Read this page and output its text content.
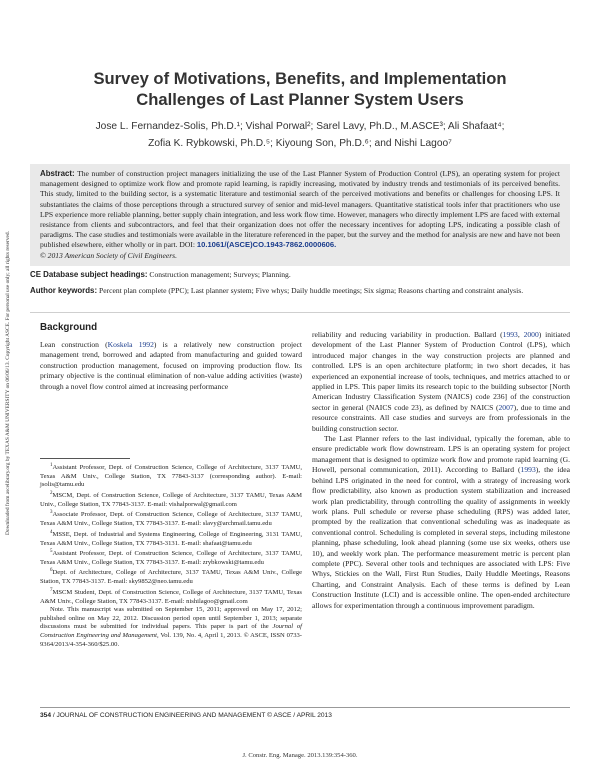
Downloaded from ascelibrary.org by TEXAS A&M UNIVERSITY on 06/06/13. Copyright ASCE. For personal use only; all rights reserved.
Survey of Motivations, Benefits, and Implementation
Challenges of Last Planner System Users
Jose L. Fernandez-Solis, Ph.D.¹; Vishal Porwal²; Sarel Lavy, Ph.D., M.ASCE³; Ali Shafaat⁴;
Zofia K. Rybkowski, Ph.D.⁵; Kiyoung Son, Ph.D.⁶; and Nishi Lagoo⁷
Abstract: The number of construction project managers initializing the use of the Last Planner System of Production Control (LPS), an operating system for project management designed to optimize work flow and promote rapid learning, is rapidly increasing, motivated by industry trends and testimonials of its perceived benefits. This study, limited to the building sector, is a systematic literature and testimonial search of the perceived motivations and benefits or challenges for choosing LPS. It substantiates the claims of those perceptions through a structured survey of senior and mid-level managers. Quantitative statistical tools infer that practitioners who use LPS experience more reliable planning, better supply chain integration, and less work flow time. However, managers who directly implement LPS are faced with external resistance from clients and subcontractors, and feel that their organization does not offer the necessary incentives for adopting LPS, indicating a possible clash of paradigms. The case studies and testimonials were available in the literature referenced in the paper, but the survey and the method for analysis are new and have not been published elsewhere, either wholly or in part. DOI: 10.1061/(ASCE)CO.1943-7862.0000606.
© 2013 American Society of Civil Engineers.
CE Database subject headings: Construction management; Surveys; Planning.
Author keywords: Percent plan complete (PPC); Last planner system; Five whys; Daily huddle meetings; Six sigma; Reasons charting and constraint analysis.
Background

Lean construction (Koskela 1992) is a relatively new construction project management trend, borrowed and adapted from manufacturing and guided toward construction production management, focused on improving production flow. Its primary objective is the continual elimination of non-value adding activities (waste) through a novel flow control aimed at increasing performance

$^1$Assistant Professor, Dept. of Construction Science, College of Architecture, 3137 TAMU, Texas A&M Univ., College Station, TX 77843-3137 (corresponding author). E-mail: jsolis@tamu.edu

$^2$MSCM, Dept. of Construction Science, College of Architecture, 3137 TAMU, Texas A&M Univ., College Station, TX 77843-3137. E-mail: vishalporwal@gmail.com

$^3$Associate Professor, Dept. of Construction Science, College of Architecture, 3137 TAMU, Texas A&M Univ., College Station, TX 77843-3137. E-mail: slavy@archmail.tamu.edu

$^4$MSSE, Dept. of Industrial and Systems Engineering, College of Engineering, 3131 TAMU, Texas A&M Univ., College Station, TX 77843-3131. E-mail: shafaat@tamu.edu

$^5$Assistant Professor, Dept. of Construction Science, College of Architecture, 3137 TAMU, Texas A&M Univ., College Station, TX 77843-3137. E-mail: zrybkowski@tamu.edu

$^6$Dept. of Architecture, College of Architecture, 3137 TAMU, Texas A&M Univ., College Station, TX 77843-3137. E-mail: sky9852@neo.tamu.edu

$^7$MSCM Student, Dept. of Construction Science, College of Architecture, 3137 TAMU, Texas A&M Univ., College Station, TX 77843-3137. E-mail: nishilagoo@gmail.com

Note. This manuscript was submitted on September 15, 2011; approved on May 17, 2012; published online on May 22, 2012. Discussion period open until September 1, 2013; separate discussions must be submitted for individual papers. This paper is part of the Journal of Construction Engineering and Management, Vol. 139, No. 4, April 1, 2013. © ASCE, ISSN 0733-9364/2013/4-354-360/$25.00.

reliability and reducing variability in production. Ballard (1993, 2000) initiated development of the Last Planner System of Production Control (LPS), which introduced major changes in the way construction projects are planned and controlled. LPS is an open architecture platform; in two short decades, it has experienced an exponential increase of tools, techniques, and metrics attached to or applied in LPS. This paper limits its research topic to the building subsector [North American Industry Classification System (NAICS) code 236] of the construction sector in general (NAICS code 23), as defined by NAICS (2007), due to time and resource constraints. All case studies and surveys are from professionals in the building construction sector.

The Last Planner refers to the last individual, typically the foreman, able to ensure predictable work flow downstream. LPS is an operating system for project management that is designed to optimize work flow and promote rapid learning (G. Howell, personal communication, 2011). According to Ballard (1993), the idea behind LPS originated in the need for control, with a strategy of increasing work flow predictability, also known as production system stabilization and increased work plan predictability, through controlling the quality of assignments in weekly work plans. Pull schedule or reverse phase scheduling (RPS) was added later, prompted by the realization that conventional scheduling was as inadequate as conventional control. Scheduling is completed in several steps, including milestone planning, phase scheduling, look ahead planning (some use six weeks, others use 10), and weekly work plan. The performance measurement metric is percent plan complete (PPC). Several other tools and techniques are associated with LPS: Five Whys, Stickies on the Wall, First Run Studies, Daily Huddle Meetings, Reasons Charting, and Constraint Analysis. Each of these terms is defined by Lean Construction Institute (LCI) and is accessible online. The open-ended architecture allows for experimentation through a continuous improvement paradigm.

354 / JOURNAL OF CONSTRUCTION ENGINEERING AND MANAGEMENT © ASCE / APRIL 2013
J. Constr. Eng. Manage. 2013.139:354-360.
